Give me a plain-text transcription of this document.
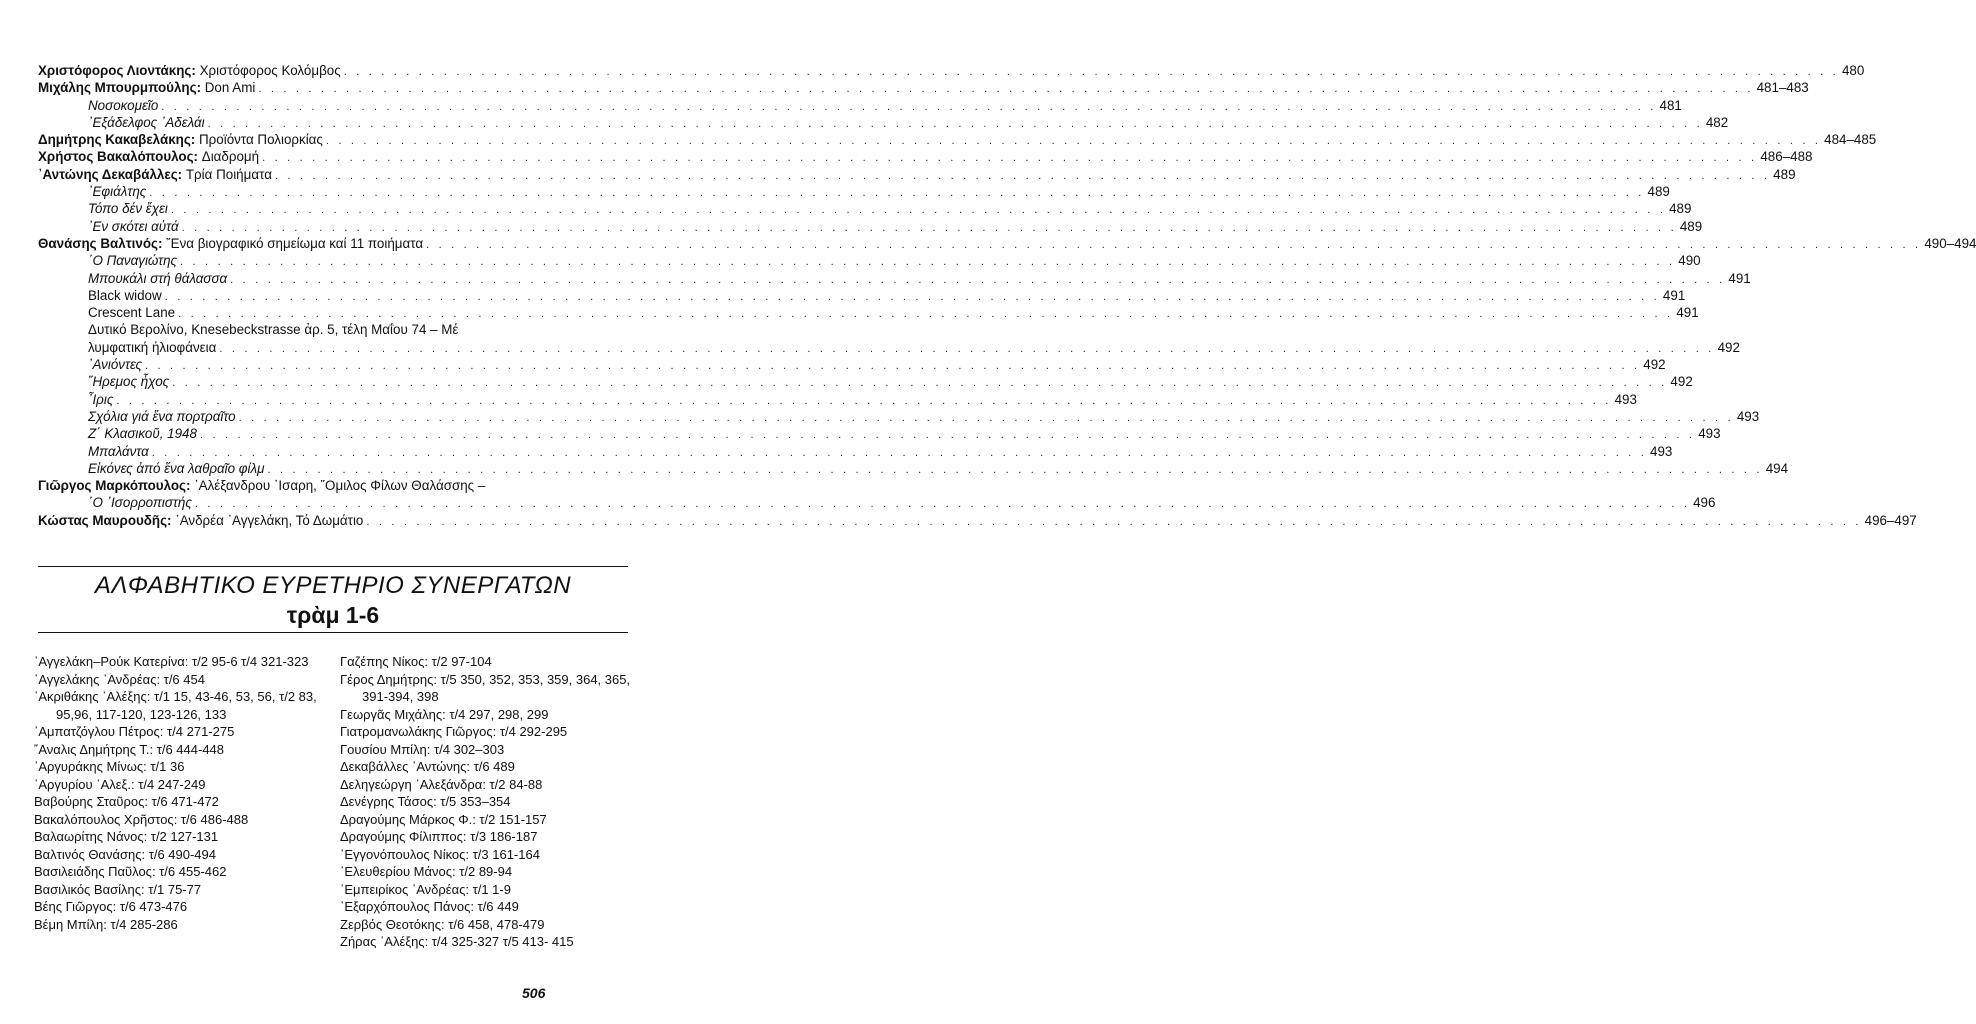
Χριστόφορος Λιοντάκης:
Χριστόφορος Κολόμβος . . . . . . . . . . . . . . . . . . . . . . . . . . . . . . . . . . . . . . . . . . . . . . . . . . . . . . . . . . . . . . . . . . . . . . . . . . . . . . . . . . . . . . . . . . . . . . . . . . . . . . . . . . . . . . . . . . . . . . . . 480
Μιχάλης Μπουρμπούλης:
Don Ami . . . . . . . . . . . . . . . . . . . . . . . . . . . . . . . . . . . . . . . . . . . . . . . . . . . . . . . . . . . . . . . . . . . . . . . . . . . . . . . . . . . . . . . . . . . . . . . . . . . . . . . . . . . . . . . . . . . . . . . . 481–483
Νοσοκομεῖο . . . . . . . . . . . . . . . . . . . . . . . . . . . . . . . . . . . . . . . . . . . . . . . . . . . . . . . . . . . . . . . . . . . . . . . . . . . . . . . . . . . . . . . . . . . . . . . . . . . . . . . . . . . . . . . . . . . . . . . . 481
᾽Εξάδελφος ᾽Αδελάι . . . . . . . . . . . . . . . . . . . . . . . . . . . . . . . . . . . . . . . . . . . . . . . . . . . . . . . . . . . . . . . . . . . . . . . . . . . . . . . . . . . . . . . . . . . . . . . . . . . . . . . . . . . . . . . . . . . . . . . . 482
Δημήτρης Κακαβελάκης:
Προϊόντα Πολιορκίας . . . . . . . . . . . . . . . . . . . . . . . . . . . . . . . . . . . . . . . . . . . . . . . . . . . . . . . . . . . . . . . . . . . . . . . . . . . . . . . . . . . . . . . . . . . . . . . . . . . . . . . . . . . . . . . . . . . . . . . . 484–485
Χρήστος Βακαλόπουλος:
Διαδρομή . . . . . . . . . . . . . . . . . . . . . . . . . . . . . . . . . . . . . . . . . . . . . . . . . . . . . . . . . . . . . . . . . . . . . . . . . . . . . . . . . . . . . . . . . . . . . . . . . . . . . . . . . . . . . . . . . . . . . . . . 486–488
᾽Αντώνης Δεκαβάλλες:
Τρία Ποιήματα . . . . . . . . . . . . . . . . . . . . . . . . . . . . . . . . . . . . . . . . . . . . . . . . . . . . . . . . . . . . . . . . . . . . . . . . . . . . . . . . . . . . . . . . . . . . . . . . . . . . . . . . . . . . . . . . . . . . . . . . 489
᾽Εφιάλτης . . . . . . . . . . . . . . . . . . . . . . . . . . . . . . . . . . . . . . . . . . . . . . . . . . . . . . . . . . . . . . . . . . . . . . . . . . . . . . . . . . . . . . . . . . . . . . . . . . . . . . . . . . . . . . . . . . . . . . . . 489
Τόπο δέν ἔχει . . . . . . . . . . . . . . . . . . . . . . . . . . . . . . . . . . . . . . . . . . . . . . . . . . . . . . . . . . . . . . . . . . . . . . . . . . . . . . . . . . . . . . . . . . . . . . . . . . . . . . . . . . . . . . . . . . . . . . . . 489
᾽Εν σκότει αὐτά . . . . . . . . . . . . . . . . . . . . . . . . . . . . . . . . . . . . . . . . . . . . . . . . . . . . . . . . . . . . . . . . . . . . . . . . . . . . . . . . . . . . . . . . . . . . . . . . . . . . . . . . . . . . . . . . . . . . . . . . 489
Θανάσης Βαλτινός:
῞Ενα βιογραφικό σημείωμα καί 11 ποιήματα . . . . . . . . . . . . . . . . . . . . . . . . . . . . . . . . . . . . . . . . . . . . . . . . . . . . . . . . . . . . . . . . . . . . . . . . . . . . . . . . . . . . . . . . . . . . . . . . . . . . . . . . . . . . . . . . . . . . . . . . 490–494
῾Ο Παναγιώτης . . . . . . . . . . . . . . . . . . . . . . . . . . . . . . . . . . . . . . . . . . . . . . . . . . . . . . . . . . . . . . . . . . . . . . . . . . . . . . . . . . . . . . . . . . . . . . . . . . . . . . . . . . . . . . . . . . . . . . . . 490
Μπουκάλι στή θάλασσα . . . . . . . . . . . . . . . . . . . . . . . . . . . . . . . . . . . . . . . . . . . . . . . . . . . . . . . . . . . . . . . . . . . . . . . . . . . . . . . . . . . . . . . . . . . . . . . . . . . . . . . . . . . . . . . . . . . . . . . . 491
Black widow . . . . . . . . . . . . . . . . . . . . . . . . . . . . . . . . . . . . . . . . . . . . . . . . . . . . . . . . . . . . . . . . . . . . . . . . . . . . . . . . . . . . . . . . . . . . . . . . . . . . . . . . . . . . . . . . . . . . . . . . 491
Crescent Lane . . . . . . . . . . . . . . . . . . . . . . . . . . . . . . . . . . . . . . . . . . . . . . . . . . . . . . . . . . . . . . . . . . . . . . . . . . . . . . . . . . . . . . . . . . . . . . . . . . . . . . . . . . . . . . . . . . . . . . . . 491
Δυτικό Βερολίνο, Knesebeckstrasse ἀρ. 5, τέλη Μαΐου 74 – Μέ
λυμφατική ἠλιοφάνεια . . . . . . . . . . . . . . . . . . . . . . . . . . . . . . . . . . . . . . . . . . . . . . . . . . . . . . . . . . . . . . . . . . . . . . . . . . . . . . . . . . . . . . . . . . . . . . . . . . . . . . . . . . . . . . . . . . . . . . . . 492
᾽Ανιόντες . . . . . . . . . . . . . . . . . . . . . . . . . . . . . . . . . . . . . . . . . . . . . . . . . . . . . . . . . . . . . . . . . . . . . . . . . . . . . . . . . . . . . . . . . . . . . . . . . . . . . . . . . . . . . . . . . . . . . . . . 492
῎Ηρεμος ἦχος . . . . . . . . . . . . . . . . . . . . . . . . . . . . . . . . . . . . . . . . . . . . . . . . . . . . . . . . . . . . . . . . . . . . . . . . . . . . . . . . . . . . . . . . . . . . . . . . . . . . . . . . . . . . . . . . . . . . . . . . 492
῏Ιρις . . . . . . . . . . . . . . . . . . . . . . . . . . . . . . . . . . . . . . . . . . . . . . . . . . . . . . . . . . . . . . . . . . . . . . . . . . . . . . . . . . . . . . . . . . . . . . . . . . . . . . . . . . . . . . . . . . . . . . . . 493
Σχόλια γιά ἕνα πορτραῖτο . . . . . . . . . . . . . . . . . . . . . . . . . . . . . . . . . . . . . . . . . . . . . . . . . . . . . . . . . . . . . . . . . . . . . . . . . . . . . . . . . . . . . . . . . . . . . . . . . . . . . . . . . . . . . . . . . . . . . . . . 493
Ζ΄ Κλασικοῦ, 1948 . . . . . . . . . . . . . . . . . . . . . . . . . . . . . . . . . . . . . . . . . . . . . . . . . . . . . . . . . . . . . . . . . . . . . . . . . . . . . . . . . . . . . . . . . . . . . . . . . . . . . . . . . . . . . . . . . . . . . . . . 493
Μπαλάντα . . . . . . . . . . . . . . . . . . . . . . . . . . . . . . . . . . . . . . . . . . . . . . . . . . . . . . . . . . . . . . . . . . . . . . . . . . . . . . . . . . . . . . . . . . . . . . . . . . . . . . . . . . . . . . . . . . . . . . . . 493
Εἰκόνες ἀπό ἕνα λαθραῖο φίλμ . . . . . . . . . . . . . . . . . . . . . . . . . . . . . . . . . . . . . . . . . . . . . . . . . . . . . . . . . . . . . . . . . . . . . . . . . . . . . . . . . . . . . . . . . . . . . . . . . . . . . . . . . . . . . . . . . . . . . . . . 494
Γιῶργος Μαρκόπουλος: ᾽Αλέξανδρου ᾽Ισαρη, ῞Ομιλος Φίλων Θαλάσσης –
῾Ο ᾽Ισορροπιστής . . . . . . . . . . . . . . . . . . . . . . . . . . . . . . . . . . . . . . . . . . . . . . . . . . . . . . . . . . . . . . . . . . . . . . . . . . . . . . . . . . . . . . . . . . . . . . . . . . . . . . . . . . . . . . . . . . . . . . . . 496
Κώστας Μαυρουδῆς:
᾽Ανδρέα ᾽Αγγελάκη, Τό Δωμάτιο . . . . . . . . . . . . . . . . . . . . . . . . . . . . . . . . . . . . . . . . . . . . . . . . . . . . . . . . . . . . . . . . . . . . . . . . . . . . . . . . . . . . . . . . . . . . . . . . . . . . . . . . . . . . . . . . . . . . . . . . 496–497
ΑΛΦΑΒΗΤΙΚΟ ΕΥΡΕΤΗΡΙΟ ΣΥΝΕΡΓΑΤΩΝ
τρὰμ 1-6
᾽Αγγελάκη–Ρούκ Κατερίνα: τ/2 95-6 τ/4 321-323
᾽Αγγελάκης ᾽Ανδρέας: τ/6 454
᾽Ακριθάκης ᾽Αλέξης: τ/1 15, 43-46, 53, 56, τ/2 83, 95,96, 117-120, 123-126, 133
᾽Αμπατζόγλου Πέτρος: τ/4 271-275
῎Αναλις Δημήτρης Τ.: τ/6 444-448
᾽Αργυράκης Μίνως: τ/1 36
᾽Αργυρίου ᾽Αλεξ.: τ/4 247-249
Βαβούρης Σταῦρος: τ/6 471-472
Βακαλόπουλος Χρῆστος: τ/6 486-488
Βαλαωρίτης Νάνος: τ/2 127-131
Βαλτινός Θανάσης: τ/6 490-494
Βασιλειάδης Παῦλος: τ/6 455-462
Βασιλικός Βασίλης: τ/1 75-77
Βέης Γιῶργος: τ/6 473-476
Βέμη Μπίλη: τ/4 285-286
Γαζέπης Νίκος: τ/2 97-104
Γέρος Δημήτρης: τ/5 350, 352, 353, 359, 364, 365, 391-394, 398
Γεωργᾶς Μιχάλης: τ/4 297, 298, 299
Γιατρομανωλάκης Γιῶργος: τ/4 292-295
Γουσίου Μπίλη: τ/4 302–303
Δεκαβάλλες ᾽Αντώνης: τ/6 489
Δεληγεώργη ᾽Αλεξάνδρα: τ/2 84-88
Δενέγρης Τάσος: τ/5 353–354
Δραγούμης Μάρκος Φ.: τ/2 151-157
Δραγούμης Φίλιππος: τ/3 186-187
᾽Εγγονόπουλος Νίκος: τ/3 161-164
᾽Ελευθερίου Μάνος: τ/2 89-94
᾽Εμπειρίκος ᾽Ανδρέας: τ/1 1-9
᾽Εξαρχόπουλος Πάνος: τ/6 449
Ζερβός Θεοτόκης: τ/6 458, 478-479
Ζήρας ᾽Αλέξης: τ/4 325-327 τ/5 413- 415
506
